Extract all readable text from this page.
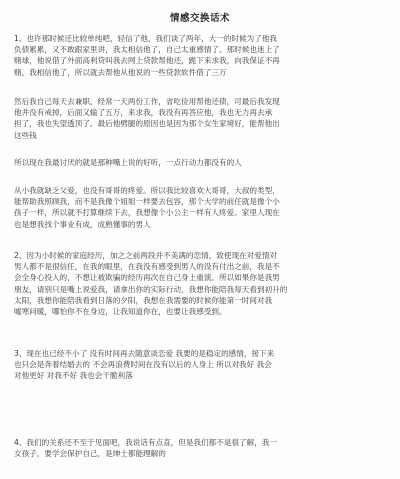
情感交换话术
1、也许那时候还比较单纯吧，轻信了他，我们谈了两年，大一的时候为了他我
负债累累，又不敢跟家里讲，我太相信他了，自己太重感情了。那时候也迷上了
赌球，他说借了外面高利贷叫我去网上贷款帮他还，跪下来求我，向我保证不再
赌，我相信他了，所以就去帮他从他说的一些贷款软件借了三万
然后我自己每天去兼职，经常一天两份工作，省吃俭用帮他还债，可最后我发现
他并没有戒掉，后面又输了五万，来求我，我没有再答应他，我也无力再去承
担了，我也失望透顶了。最后他劈腿的原因也是因为那个女生家境好，能帮他出
这些钱
所以现在我最讨厌的就是那种嘴上说的好听，一点行动力都没有的人
从小我就缺乏父爱，也没有哥哥的疼爱。所以我比较喜欢大哥哥，大叔的类型，
能帮助我照顾我，而不是我像个姐姐一样要去包容，那个大学的前任就是像个小
孩子一样，所以就不打算继续下去，我想像个小公主一样有人疼爱。家里人现在
也是想我找个事业有成，成熟懂事的男人
2、因为小时候的家庭经历，加之之前两段并不美满的恋情，致使现在对爱情对
男人都不是很信任，在我的眼里，在我没有感受到男人的没有付出之前，我是不
会全身心投入的，不想让被欺骗的经历再次在自己身上重演。所以如果你是我男
朋友，请别只是嘴上说爱我，请拿出你的实际行动，我想你能陪我每天看到初升的
太阳，我想你能陪我看到日落的夕阳，我想在我需要的时候你能第一时间对我
嘘寒问暖，哪怕你不在身边，让我知道你在，也要让我感受到。
3、现在也已经不小了 没有时间再去随意谈恋爱 我要的是稳定的感情，接下来
也只会是奔着结婚去的 不会再浪费时间在没有以后的人身上 所以对我好 我会
对他更好 对我不好 我也会干脆利落
4、我们的关系还不至于见面吧，我说话有点直，但是我们都不是很了解，我一
女孩子，要学会保护自己，是绅士都能理解的
